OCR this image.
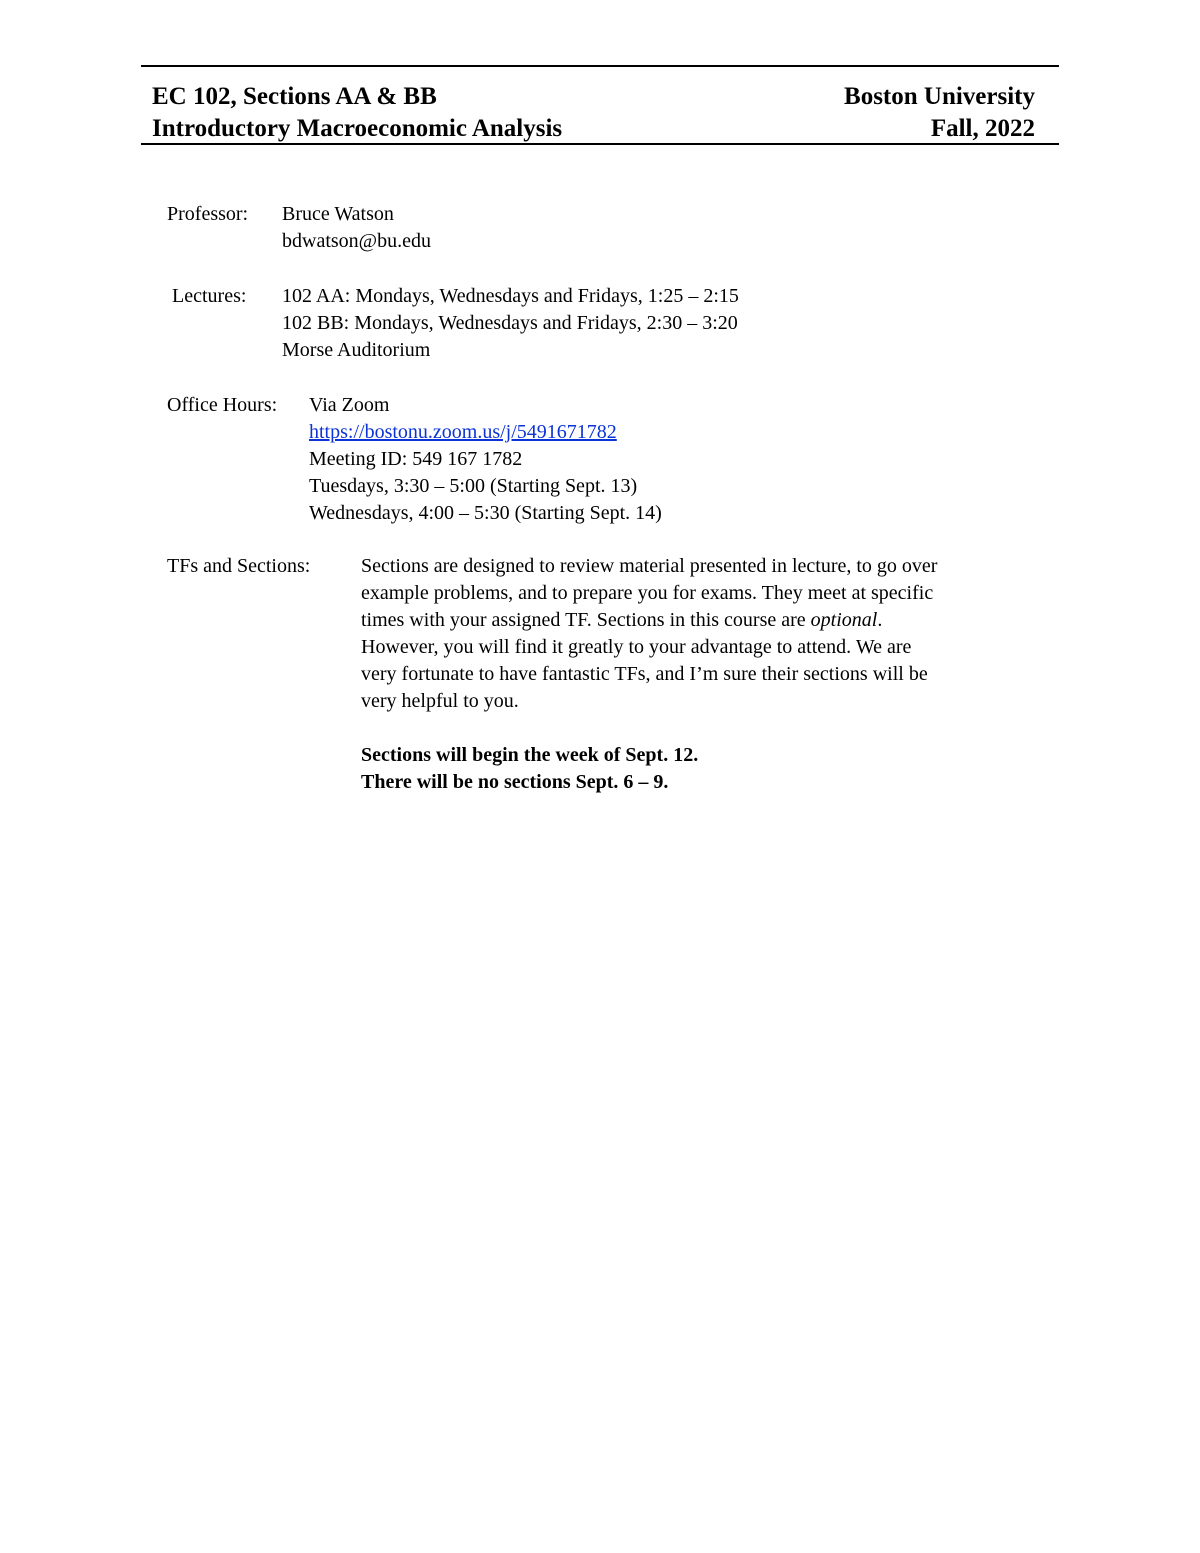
EC 102, Sections AA & BB
Introductory Macroeconomic Analysis
Boston University
Fall, 2022
Professor: Bruce Watson
bdwatson@bu.edu
Lectures: 102 AA: Mondays, Wednesdays and Fridays, 1:25 – 2:15
102 BB: Mondays, Wednesdays and Fridays, 2:30 – 3:20
Morse Auditorium
Office Hours: Via Zoom
https://bostonu.zoom.us/j/5491671782
Meeting ID: 549 167 1782
Tuesdays, 3:30 – 5:00 (Starting Sept. 13)
Wednesdays, 4:00 – 5:30 (Starting Sept. 14)
TFs and Sections:	Sections are designed to review material presented in lecture, to go over
example problems, and to prepare you for exams. They meet at specific
times with your assigned TF. Sections in this course are optional.
However, you will find it greatly to your advantage to attend. We are
very fortunate to have fantastic TFs, and I’m sure their sections will be
very helpful to you.
Sections will begin the week of Sept. 12.
There will be no sections Sept. 6 – 9.
